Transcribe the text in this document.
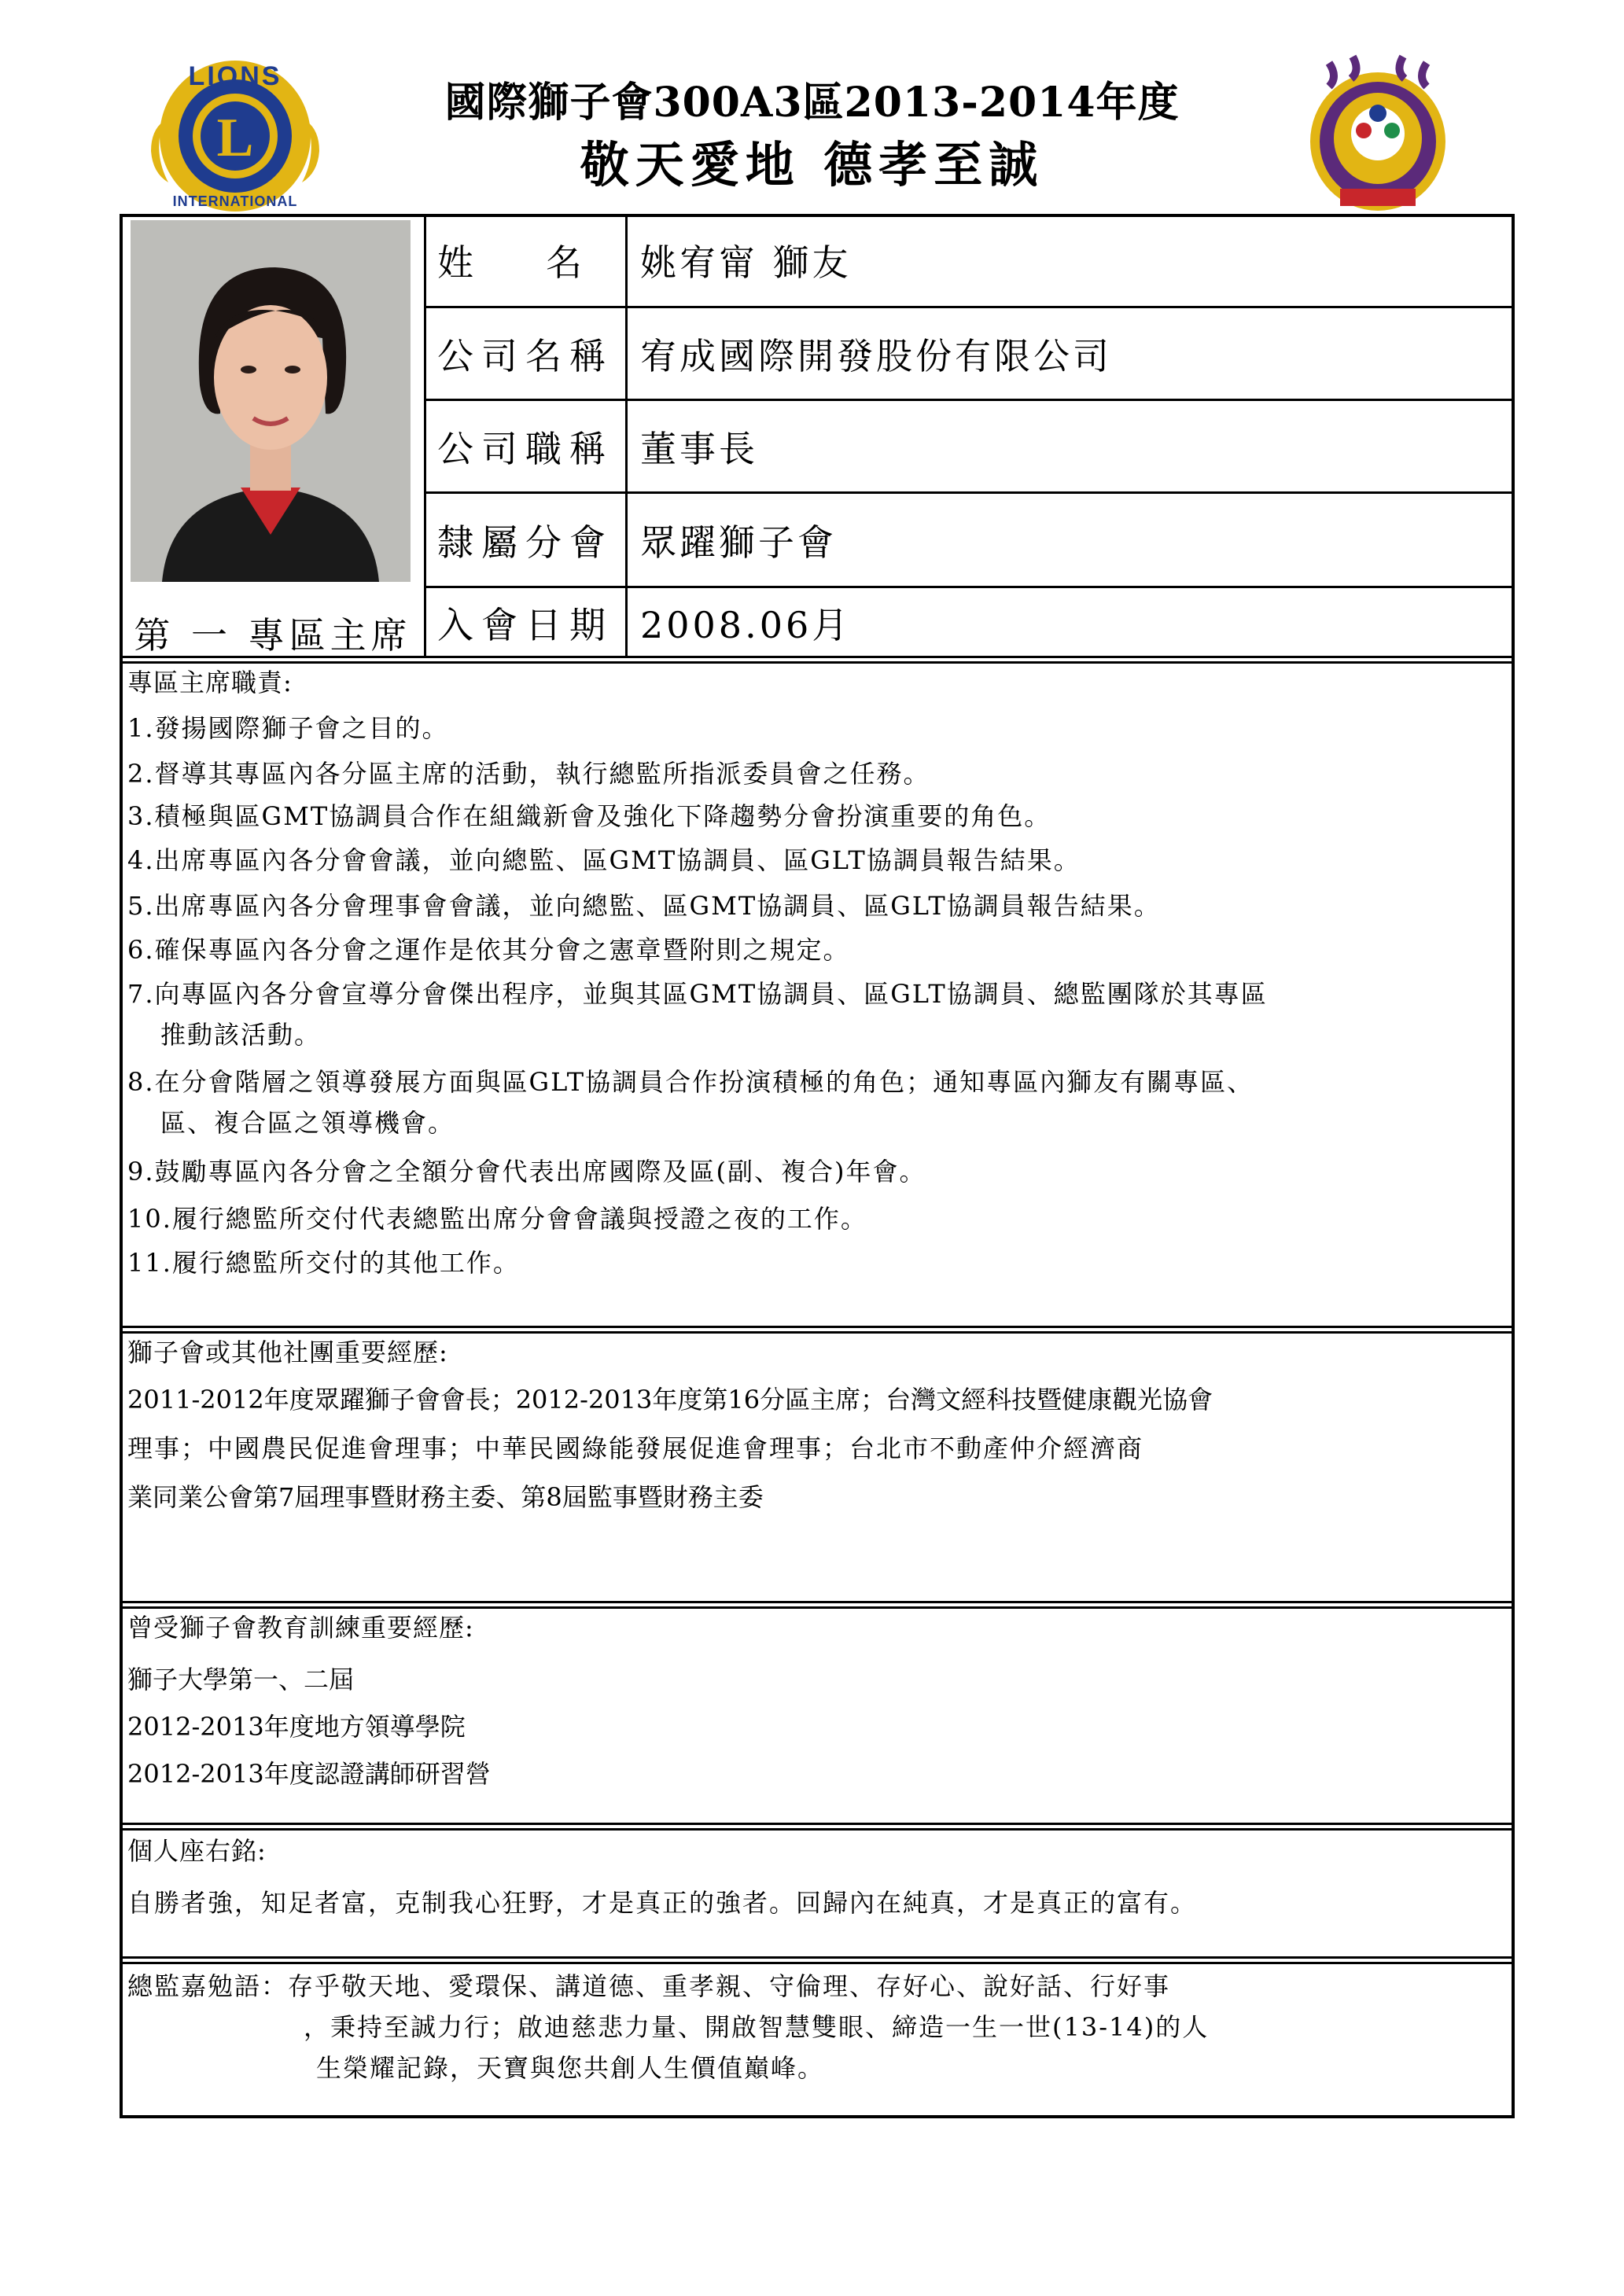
L
LIONS
INTERNATIONAL
國際獅子會300A3區2013-2014年度
敬天愛地 德孝至誠
第 一 專區主席
姓　　名	姚宥甯 獅友
公司名稱 宥成國際開發股份有限公司
公司職稱 董事長
隸屬分會 眾躍獅子會
入會日期 2008.06月
專區主席職責:
1.發揚國際獅子會之目的。
2.督導其專區內各分區主席的活動，執行總監所指派委員會之任務。
3.積極與區GMT協調員合作在組織新會及強化下降趨勢分會扮演重要的角色。
4.出席專區內各分會會議，並向總監、區GMT協調員、區GLT協調員報告結果。
5.出席專區內各分會理事會會議，並向總監、區GMT協調員、區GLT協調員報告結果。
6.確保專區內各分會之運作是依其分會之憲章暨附則之規定。
7.向專區內各分會宣導分會傑出程序，並與其區GMT協調員、區GLT協調員、總監團隊於其專區
推動該活動。
8.在分會階層之領導發展方面與區GLT協調員合作扮演積極的角色；通知專區內獅友有關專區、
區、複合區之領導機會。
9.鼓勵專區內各分會之全額分會代表出席國際及區(副、複合)年會。
10.履行總監所交付代表總監出席分會會議與授證之夜的工作。
11.履行總監所交付的其他工作。
獅子會或其他社團重要經歷:
2011-2012年度眾躍獅子會會長；2012-2013年度第16分區主席；台灣文經科技暨健康觀光協會
理事；中國農民促進會理事；中華民國綠能發展促進會理事；台北市不動產仲介經濟商
業同業公會第7屆理事暨財務主委、第8屆監事暨財務主委
曾受獅子會教育訓練重要經歷:
獅子大學第一、二屆
2012-2013年度地方領導學院
2012-2013年度認證講師研習營
個人座右銘:
自勝者強，知足者富，克制我心狂野，才是真正的強者。回歸內在純真，才是真正的富有。
總監嘉勉語：存乎敬天地、愛環保、講道德、重孝親、守倫理、存好心、說好話、行好事
，秉持至誠力行；啟迪慈悲力量、開啟智慧雙眼、締造一生一世(13-14)的人
生榮耀記錄，天寶與您共創人生價值巔峰。
